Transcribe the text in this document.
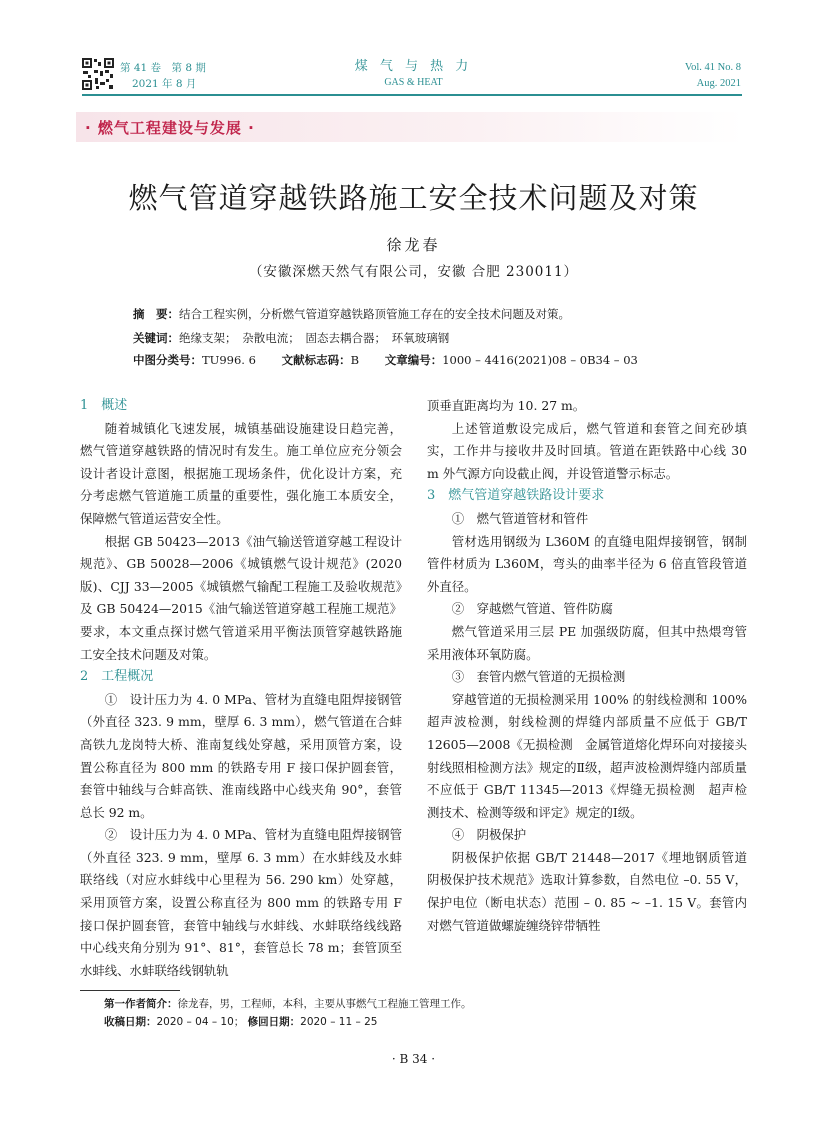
第 41 卷　第 8 期
2021 年 8 月
煤 气 与 热 力
GAS & HEAT
Vol. 41 No. 8
Aug. 2021
· 燃气工程建设与发展 ·
燃气管道穿越铁路施工安全技术问题及对策
徐龙春
（安徽深燃天然气有限公司，安徽 合肥 230011）
摘　要：结合工程实例，分析燃气管道穿越铁路顶管施工存在的安全技术问题及对策。
关键词：绝缘支架；　杂散电流；　固态去耦合器；　环氧玻璃钢
中图分类号：TU996. 6 文献标志码：B 文章编号：1000 – 4416(2021)08 – 0B34 – 03

1　概述

随着城镇化飞速发展，城镇基础设施建设日趋完善，燃气管道穿越铁路的情况时有发生。施工单位应充分领会设计者设计意图，根据施工现场条件，优化设计方案，充分考虑燃气管道施工质量的重要性，强化施工本质安全，保障燃气管道运营安全性。

根据 GB 50423—2013《油气输送管道穿越工程设计规范》、GB 50028—2006《城镇燃气设计规范》(2020 版)、CJJ 33—2005《城镇燃气输配工程施工及验收规范》及 GB 50424—2015《油气输送管道穿越工程施工规范》要求，本文重点探讨燃气管道采用平衡法顶管穿越铁路施工安全技术问题及对策。

2　工程概况

①　设计压力为 4. 0 MPa、管材为直缝电阻焊接钢管（外直径 323. 9 mm，壁厚 6. 3 mm），燃气管道在合蚌高铁九龙岗特大桥、淮南复线处穿越，采用顶管方案，设置公称直径为 800 mm 的铁路专用 F 接口保护圆套管，套管中轴线与合蚌高铁、淮南线路中心线夹角 90°，套管总长 92 m。

②　设计压力为 4. 0 MPa、管材为直缝电阻焊接钢管（外直径 323. 9 mm，壁厚 6. 3 mm）在水蚌线及水蚌联络线（对应水蚌线中心里程为 56. 290 km）处穿越，采用顶管方案，设置公称直径为 800 mm 的铁路专用 F 接口保护圆套管，套管中轴线与水蚌线、水蚌联络线线路中心线夹角分别为 91°、81°，套管总长 78 m；套管顶至水蚌线、水蚌联络线钢轨轨

顶垂直距离均为 10. 27 m。

上述管道敷设完成后，燃气管道和套管之间充砂填实，工作井与接收井及时回填。管道在距铁路中心线 30 m 外气源方向设截止阀，并设管道警示标志。

3　燃气管道穿越铁路设计要求

①　燃气管道管材和管件

管材选用钢级为 L360M 的直缝电阻焊接钢管，钢制管件材质为 L360M，弯头的曲率半径为 6 倍直管段管道外直径。

②　穿越燃气管道、管件防腐

燃气管道采用三层 PE 加强级防腐，但其中热煨弯管采用液体环氧防腐。

③　套管内燃气管道的无损检测

穿越管道的无损检测采用 100% 的射线检测和 100% 超声波检测，射线检测的焊缝内部质量不应低于 GB/T 12605—2008《无损检测　金属管道熔化焊环向对接接头射线照相检测方法》规定的Ⅱ级，超声波检测焊缝内部质量不应低于 GB/T 11345—2013《焊缝无损检测　超声检测技术、检测等级和评定》规定的Ⅰ级。

④　阴极保护

阴极保护依据 GB/T 21448—2017《埋地钢质管道阴极保护技术规范》选取计算参数，自然电位 –0. 55 V，保护电位（断电状态）范围 – 0. 85 ~ –1. 15 V。套管内对燃气管道做螺旋缠绕锌带牺牲

第一作者简介：徐龙春，男，工程师，本科，主要从事燃气工程施工管理工作。
收稿日期：2020 – 04 – 10； 修回日期：2020 – 11 – 25
· B 34 ·
